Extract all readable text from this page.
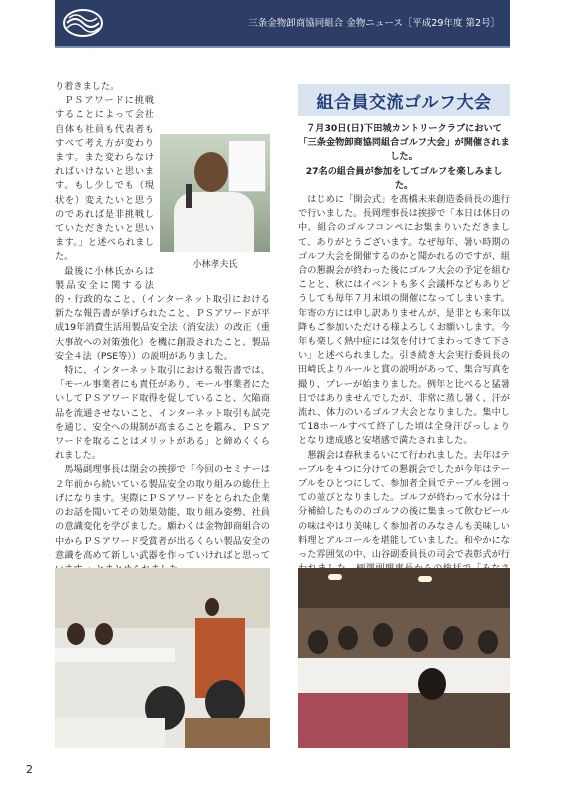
三条金物卸商協同組合 金物ニュース［平成29年度 第2号］

り着きました。

小林孝夫氏

ＰＳアワードに挑戦することによって会社自体も社員も代表者もすべて考え方が変わります。また変わらなければいけないと思います。もし少しでも（現状を）変えたいと思うのであれば是非挑戦していただきたいと思います。」と述べられました。

最後に小林氏からは製品安全に関する法的・行政的なこと、（インターネット取引における新たな報告書が挙げられたこと、ＰＳアワードが平成19年消費生活用製品安全法（消安法）の改正（重大事故への対策強化）を機に創設されたこと、製品安全４法（PSE等））の説明がありました。

特に、インターネット取引における報告書では、「モール事業者にも責任があり、モール事業者にたいしてＰＳアワード取得を促していること、欠陥商品を流通させないこと、インターネット取引も試売を通じ、安全への規制が高まることを鑑み、ＰＳアワードを取ることはメリットがある」と締めくくられました。

馬場副理事長は閉会の挨拶で「今回のセミナーは２年前から続いている製品安全の取り組みの総仕上げになります。実際にＰＳアワードをとられた企業のお話を聞いてその効果効能、取り組み姿勢、社員の意識変化を学びました。願わくは金物卸商組合の中からＰＳアワード受賞者が出るくらい製品安全の意識を高めて新しい武器を作っていければと思って

組合員交流ゴルフ大会

７月30日(日)下田城カントリークラブにおいて「三条金物卸商協同組合ゴルフ大会」が開催されました。

27名の組合員が参加をしてゴルフを楽しみました。

はじめに「開会式」を髙橋未来創造委員長の進行で行いました。長岡理事長は挨拶で「本日は休日の中、組合のゴルフコンペにお集まりいただきまして、ありがとうございます。なぜ毎年、暑い時期のゴルフ大会を開催するのかと聞かれるのですが、組合の懇親会が終わった後にゴルフ大会の予定を組むことと、秋にはイベントも多く会議杯などもありどうしても毎年７月末頃の開催になってしまいます。年寄の方には申し訳ありませんが、是非とも来年以降もご参加いただける様よろしくお願いします。今年も楽しく熱中症には気を付けてまわってきて下さい」と述べられました。引き続き大会実行委員長の田崎氏よりルールと賞の説明があって、集合写真を撮り、プレーが始まりました。例年と比べると猛暑日ではありませんでしたが、非常に蒸し暑く、汗が流れ、体力のいるゴルフ大会となりました。集中して18ホールすべて終了した頃は全身汗びっしょりとなり達成感と安堵感で満たされました。

懇親会は春秋まるいにて行われました。去年はテーブルを４つに分けての懇親会でしたが今年はテーブルをひとつにして、参加者全員でテーブルを囲っての並びとなりました。ゴルフが終わって水分は十分補給したもののゴルフの後に集まって飲むビールの味はやはり美味しく参加者のみなさんも美味しい料理とアルコールを堪能していました。和やかになった雰囲気の中、山谷副委員長の司会で表彰式が行

2
